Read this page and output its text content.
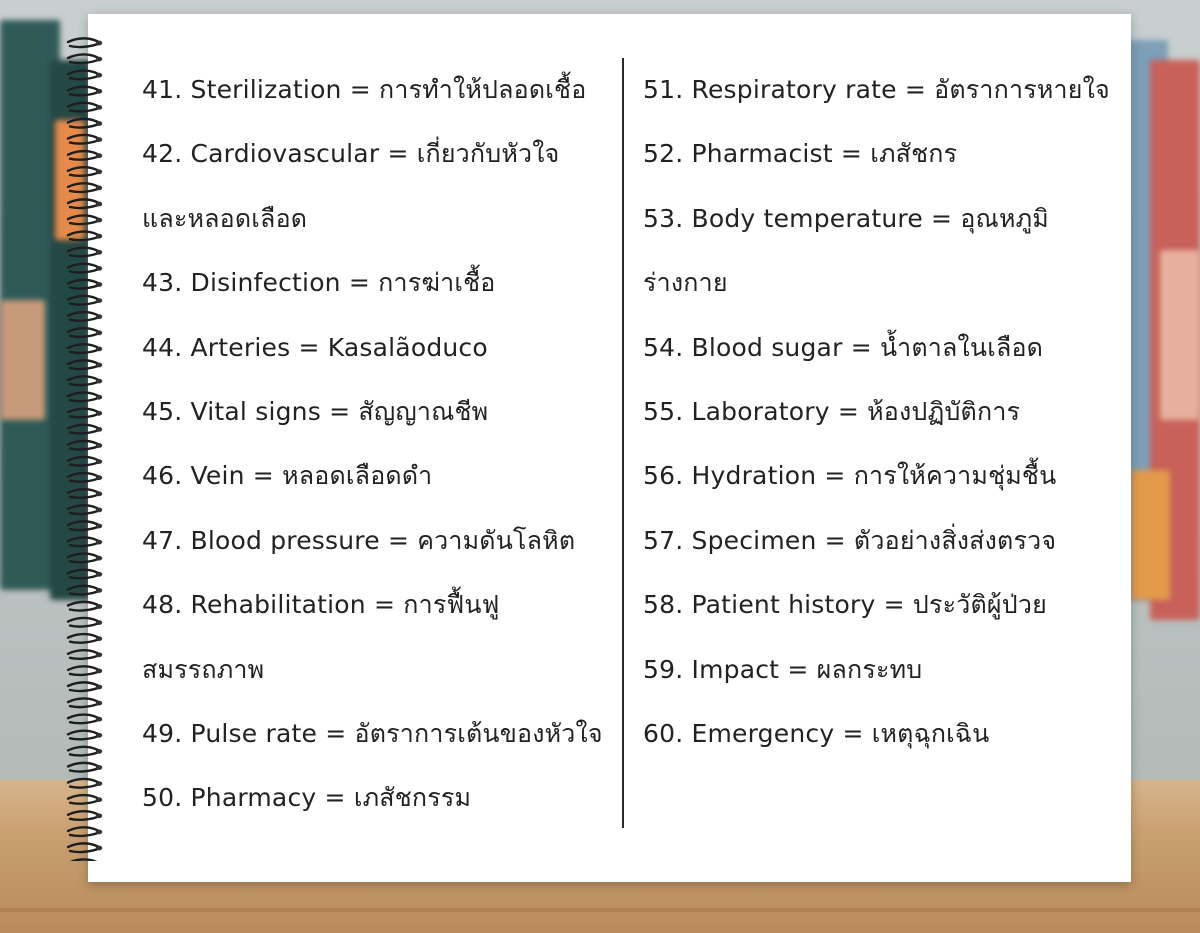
41. Sterilization = การทำให้ปลอดเชื้อ
42. Cardiovascular = เกี่ยวกับหัวใจ
และหลอดเลือด
43. Disinfection = การฆ่าเชื้อ
44. Arteries = Kasalãoduco
45. Vital signs = สัญญาณชีพ
46. Vein = หลอดเลือดดำ
47. Blood pressure = ความดันโลหิต
48. Rehabilitation = การฟื้นฟู
สมรรถภาพ
49. Pulse rate = อัตราการเต้นของหัวใจ
50. Pharmacy = เภสัชกรรม
51. Respiratory rate = อัตราการหายใจ
52. Pharmacist = เภสัชกร
53. Body temperature = อุณหภูมิ
ร่างกาย
54. Blood sugar = น้ำตาลในเลือด
55. Laboratory = ห้องปฏิบัติการ
56. Hydration = การให้ความชุ่มชื้น
57. Specimen = ตัวอย่างสิ่งส่งตรวจ
58. Patient history = ประวัติผู้ป่วย
59. Impact = ผลกระทบ
60. Emergency = เหตุฉุกเฉิน
